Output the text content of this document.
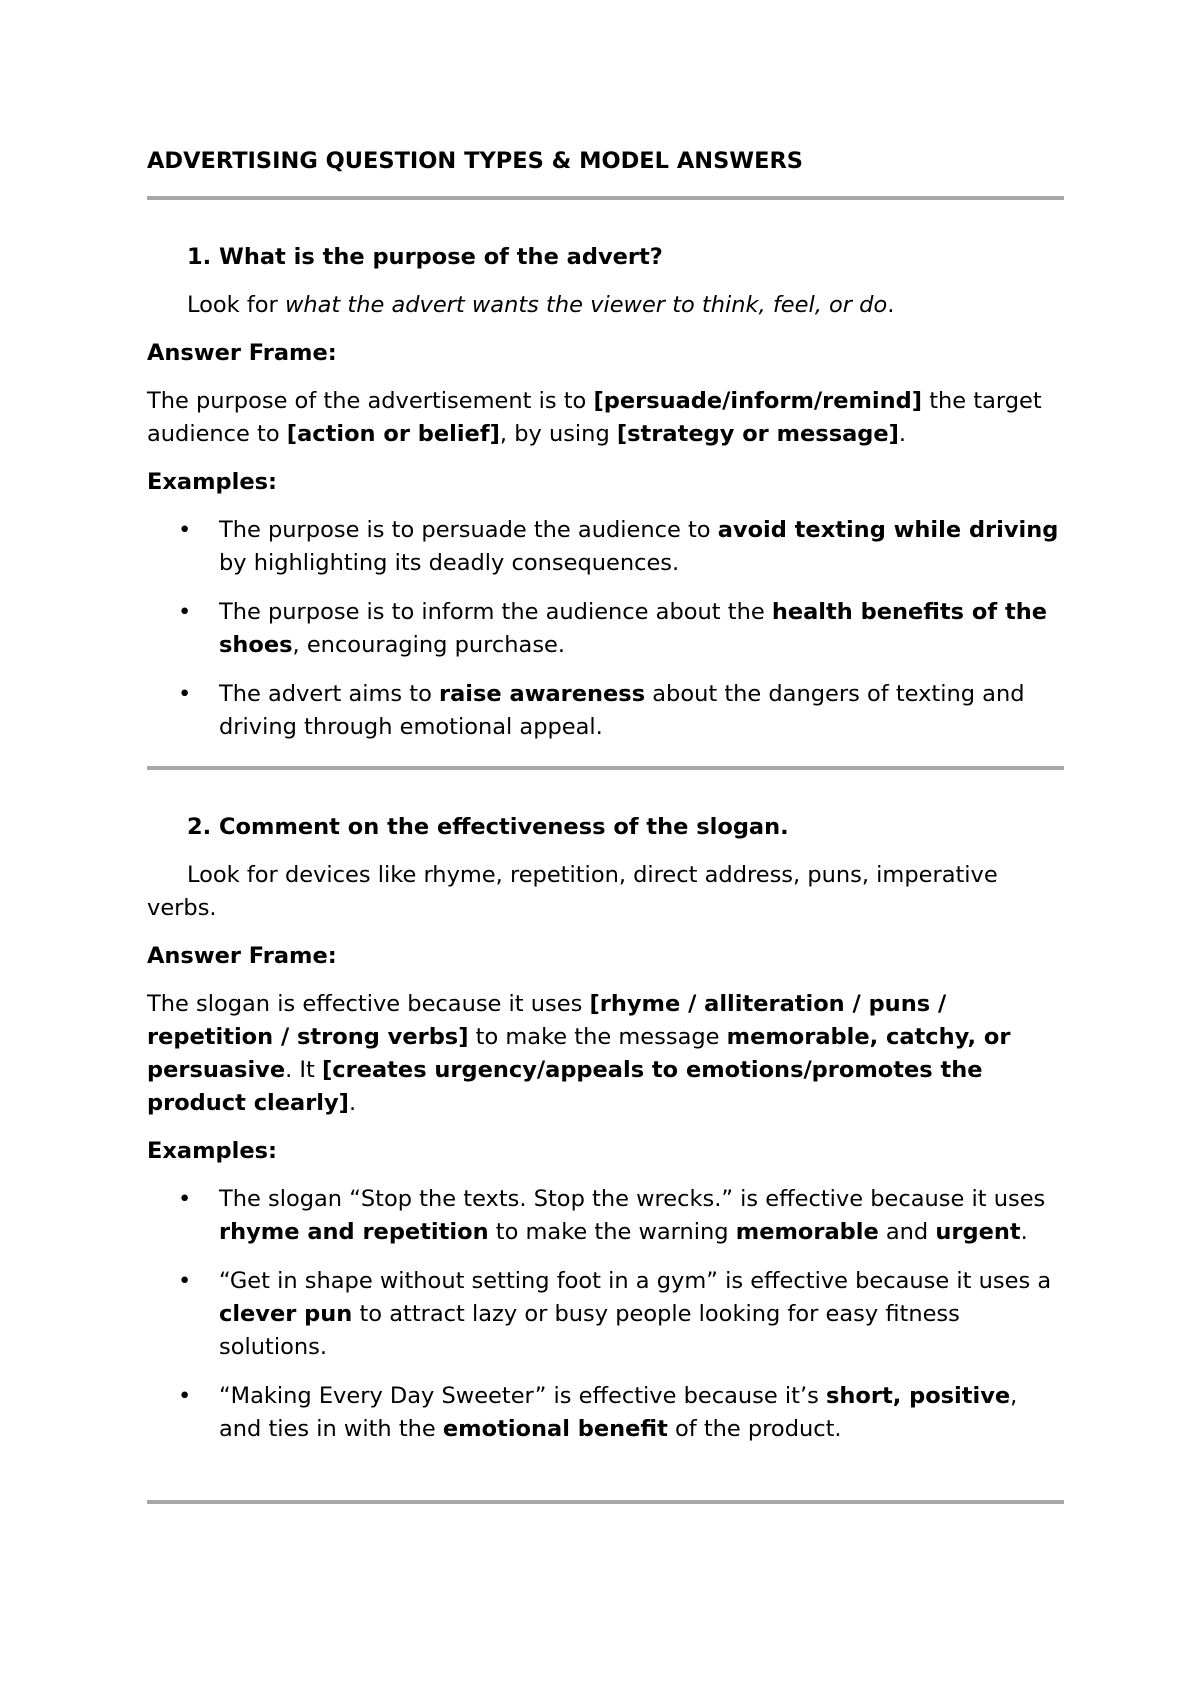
ADVERTISING QUESTION TYPES & MODEL ANSWERS

1. What is the purpose of the advert?

Look for what the advert wants the viewer to think, feel, or do.

Answer Frame:

The purpose of the advertisement is to [persuade/inform/remind] the target audience to [action or belief], by using [strategy or message].

Examples:

• The purpose is to persuade the audience to avoid texting while driving by highlighting its deadly consequences.
• The purpose is to inform the audience about the health benefits of the shoes, encouraging purchase.
• The advert aims to raise awareness about the dangers of texting and driving through emotional appeal.

2. Comment on the effectiveness of the slogan.

Look for devices like rhyme, repetition, direct address, puns, imperative verbs.

Answer Frame:

The slogan is effective because it uses [rhyme / alliteration / puns / repetition / strong verbs] to make the message memorable, catchy, or persuasive. It [creates urgency/appeals to emotions/promotes the product clearly].

Examples:

• The slogan “Stop the texts. Stop the wrecks.” is effective because it uses rhyme and repetition to make the warning memorable and urgent.
• “Get in shape without setting foot in a gym” is effective because it uses a clever pun to attract lazy or busy people looking for easy fitness solutions.
• “Making Every Day Sweeter” is effective because it’s short, positive, and ties in with the emotional benefit of the product.
